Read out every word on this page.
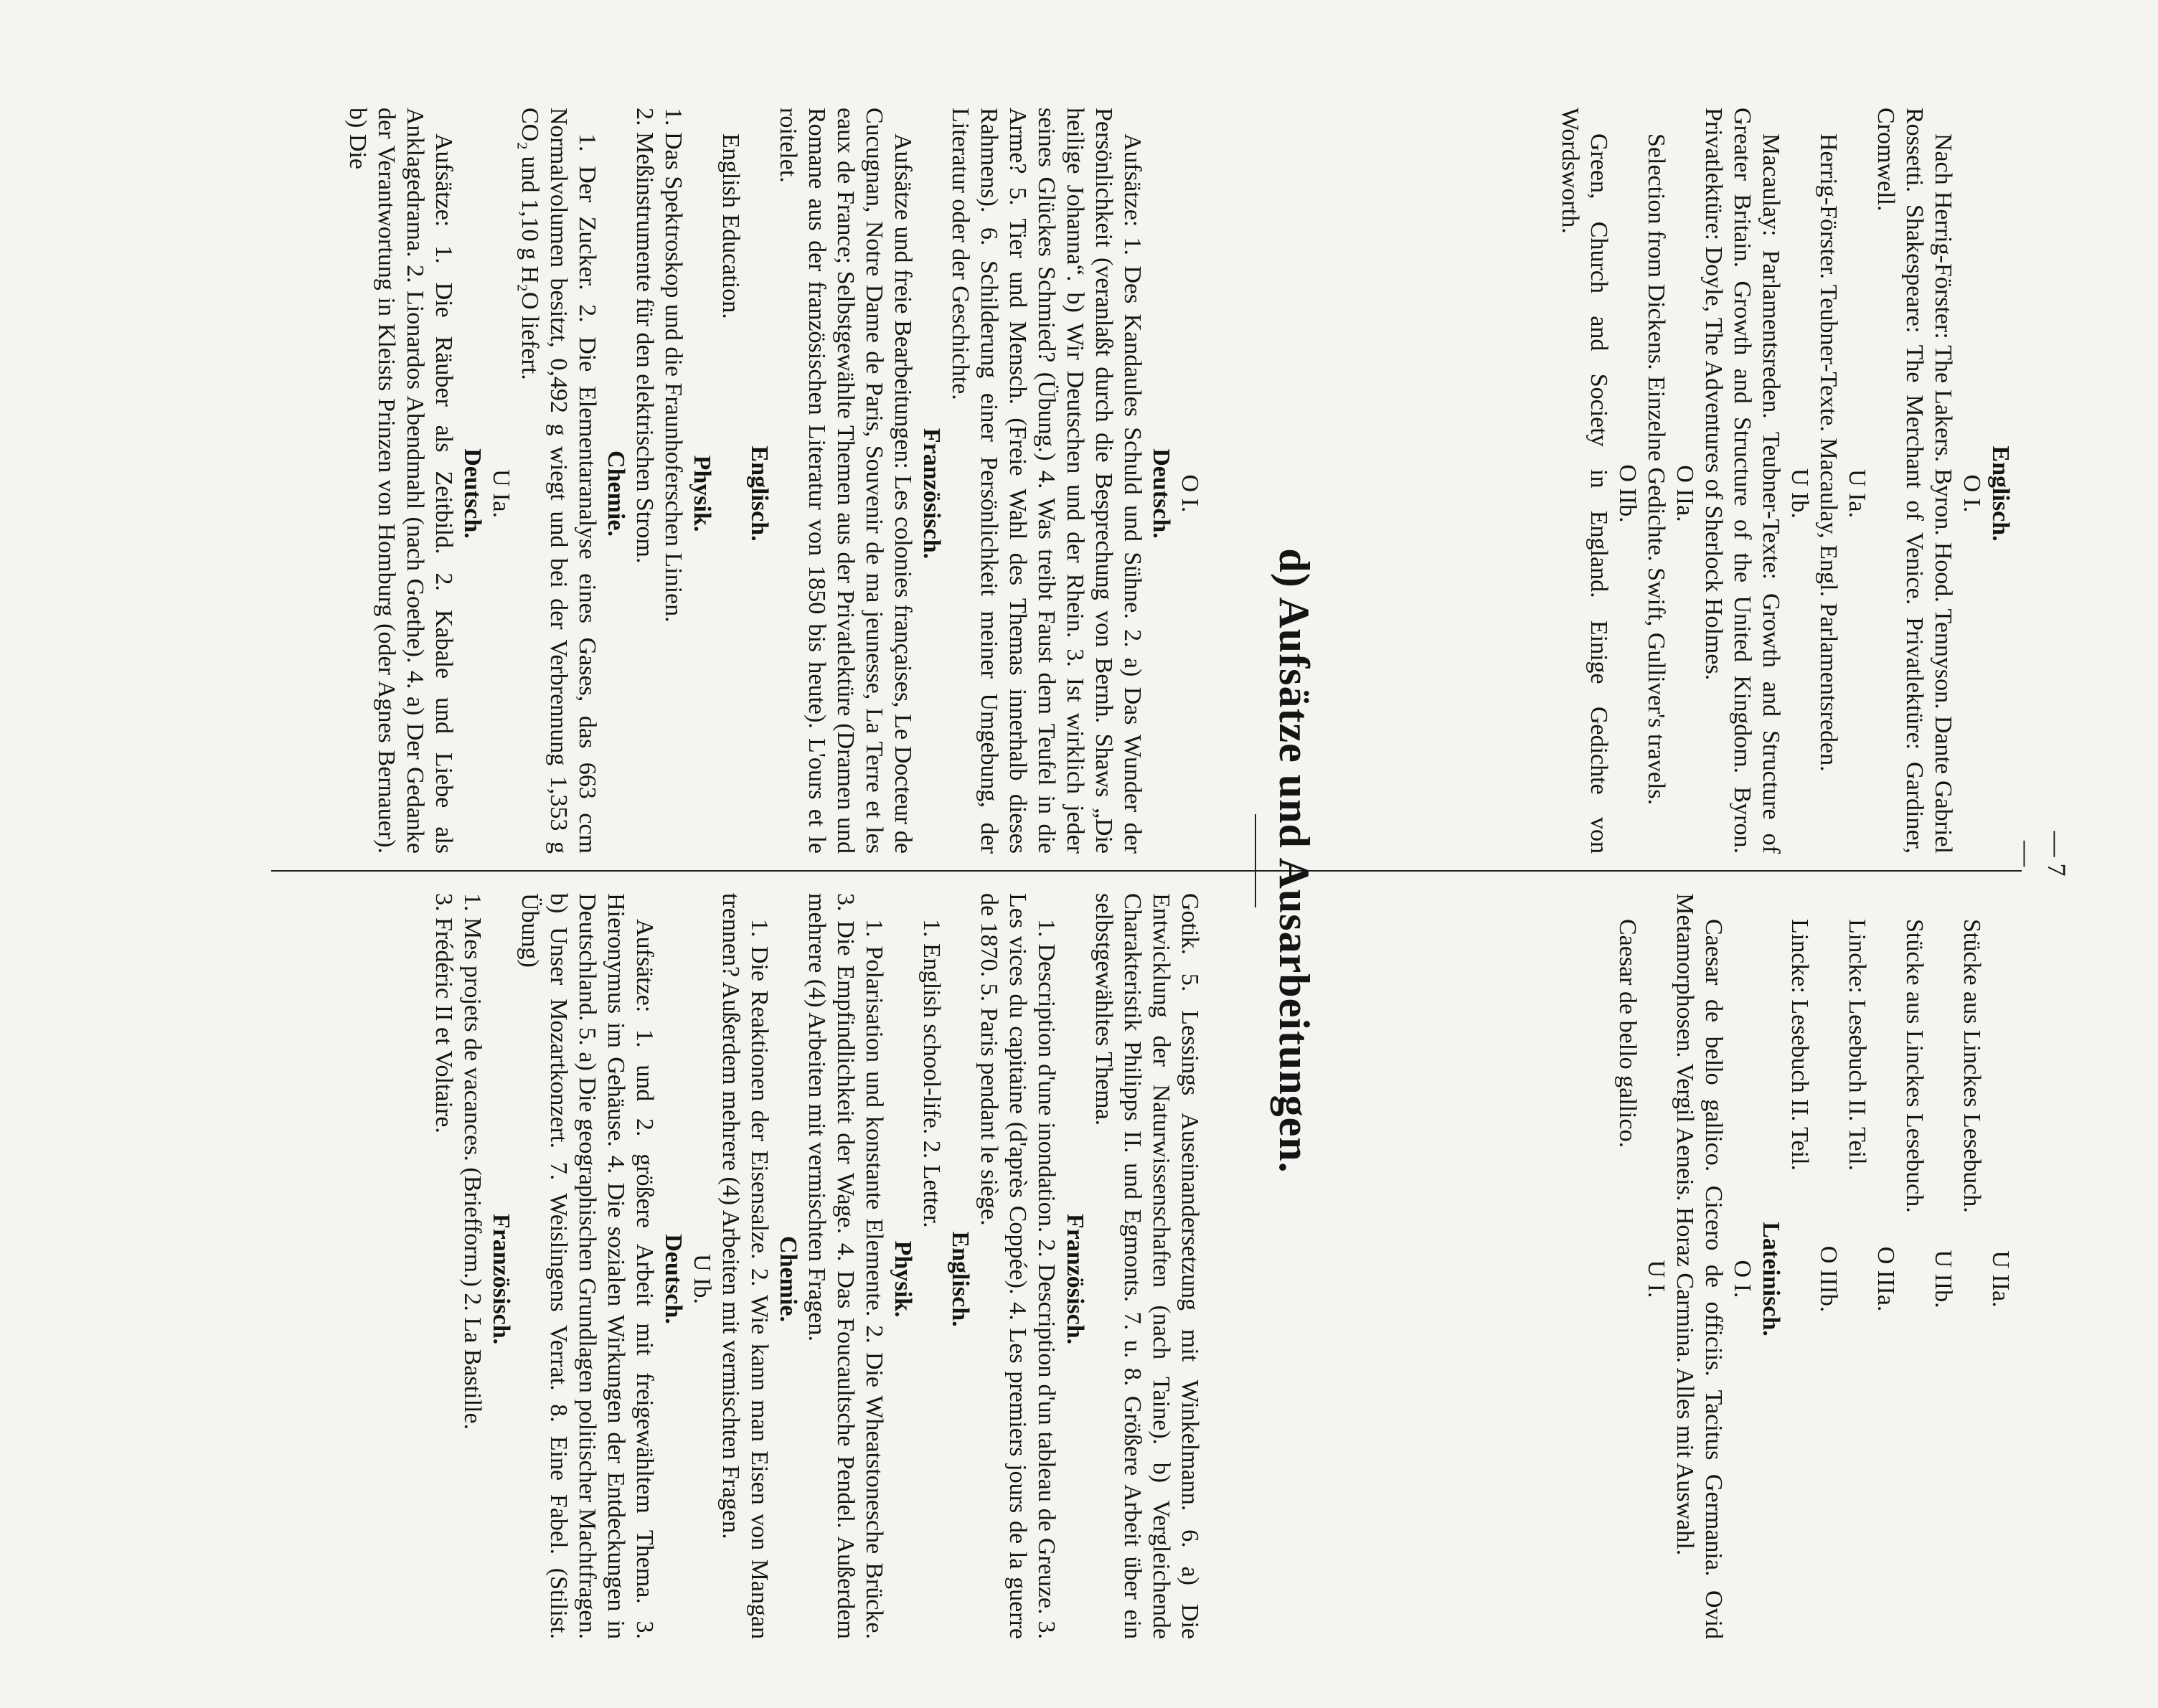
— 7 —

Englisch.

O I.

Nach Herrig-Förster: The Lakers. Byron. Hood. Tennyson. Dante Gabriel Rossetti. Shakespeare: The Merchant of Venice. Privatlektüre: Gardiner, Cromwell.

U Ia.

Herrig-Förster. Teubner-Texte. Macaulay, Engl. Parlamentsreden.

U Ib.

Macaulay: Parlamentsreden. Teubner-Texte: Growth and Structure of Greater Britain. Growth and Structure of the United Kingdom. Byron. Privatlektüre: Doyle, The Adventures of Sherlock Holmes.

O IIa.

Selection from Dickens. Einzelne Gedichte. Swift, Gulliver's travels.

O IIb.

Green, Church and Society in England. Einige Gedichte von Wordsworth.

U IIa.

Stücke aus Linckes Lesebuch.

U IIb.

Stücke aus Linckes Lesebuch.

O IIIa.

Lincke: Lesebuch II. Teil.

O IIIb.

Lincke: Lesebuch II. Teil.

Lateinisch.

O I.

Caesar de bello gallico. Cicero de officiis. Tacitus Germania. Ovid Metamorphosen. Vergil Aeneis. Horaz Carmina. Alles mit Auswahl.

U I.

Caesar de bello gallico.

d) Aufsätze und Ausarbeitungen.

O I.

Deutsch.

Aufsätze: 1. Des Kandaules Schuld und Sühne. 2. a) Das Wunder der Persönlichkeit (veranlaßt durch die Besprechung von Bernh. Shaws „Die heilige Johanna“. b) Wir Deutschen und der Rhein. 3. Ist wirklich jeder seines Glückes Schmied? (Übung.) 4. Was treibt Faust dem Teufel in die Arme? 5. Tier und Mensch. (Freie Wahl des Themas innerhalb dieses Rahmens). 6. Schilderung einer Persönlichkeit meiner Umgebung, der Literatur oder der Geschichte.

Französisch.

Aufsätze und freie Bearbeitungen: Les colonies françaises, Le Docteur de Cucugnan, Notre Dame de Paris, Souvenir de ma jeunesse, La Terre et les eaux de France; Selbstgewählte Themen aus der Privatlektüre (Dramen und Romane aus der französischen Literatur von 1850 bis heute). L'ours et le roitelet.

Englisch.

English Education.

Physik.

1. Das Spektroskop und die Fraunhoferschen Linien.

2. Meßinstrumente für den elektrischen Strom.

Chemie.

1. Der Zucker. 2. Die Elementaranalyse eines Gases, das 663 ccm Normalvolumen besitzt, 0,492 g wiegt und bei der Verbrennung 1,353 g CO₂ und 1,10 g H₂O liefert.

U Ia.

Deutsch.

Aufsätze: 1. Die Räuber als Zeitbild. 2. Kabale und Liebe als Anklagedrama. 2. Lionardos Abendmahl (nach Goethe). 4. a) Der Gedanke der Verantwortung in Kleists Prinzen von Homburg (oder Agnes Bernauer). b) Die

Gotik. 5. Lessings Auseinandersetzung mit Winkelmann. 6. a) Die Entwicklung der Naturwissenschaften (nach Taine). b) Vergleichende Charakteristik Philipps II. und Egmonts. 7. u. 8. Größere Arbeit über ein selbstgewähltes Thema.

Französisch.

1. Description d'une inondation. 2. Description d'un tableau de Greuze. 3. Les vices du capitaine (d'après Coppée). 4. Les premiers jours de la guerre de 1870. 5. Paris pendant le siège.

Englisch.

1. English school-life. 2. Letter.

Physik.

1. Polarisation und konstante Elemente. 2. Die Wheatstonesche Brücke. 3. Die Empfindlichkeit der Wage. 4. Das Foucaultsche Pendel. Außerdem mehrere (4) Arbeiten mit vermischten Fragen.

Chemie.

1. Die Reaktionen der Eisensalze. 2. Wie kann man Eisen von Mangan trennen? Außerdem mehrere (4) Arbeiten mit vermischten Fragen.

U Ib.

Deutsch.

Aufsätze: 1. und 2. größere Arbeit mit freigewähltem Thema. 3. Hieronymus im Gehäuse. 4. Die sozialen Wirkungen der Entdeckungen in Deutschland. 5. a) Die geographischen Grundlagen politischer Machtfragen. b) Unser Mozartkonzert. 7. Weislingens Verrat. 8. Eine Fabel. (Stilist. Übung)

Französisch.

1. Mes projets de vacances. (Briefform.) 2. La Bastille.

3. Frédéric II et Voltaire.
